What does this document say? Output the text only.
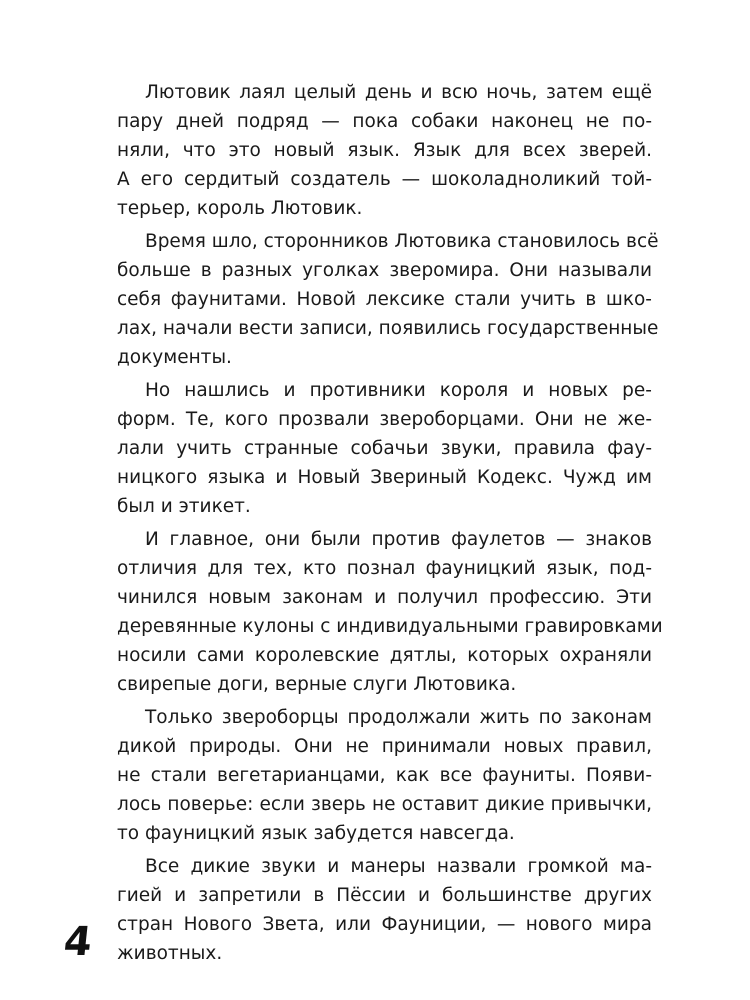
Лютовик лаял целый день и всю ночь, затем ещё
пару дней подряд — пока собаки наконец не по-
няли, что это новый язык. Язык для всех зверей.
А его сердитый создатель — шоколадноликий той-
терьер, король Лютовик.

Время шло, сторонников Лютовика становилось всё
больше в разных уголках зверомира. Они называли
себя фаунитами. Новой лексике стали учить в шко-
лах, начали вести записи, появились государственные
документы.

Но нашлись и противники короля и новых ре-
форм. Те, кого прозвали звероборцами. Они не же-
лали учить странные собачьи звуки, правила фау-
ницкого языка и Новый Звериный Кодекс. Чужд им
был и этикет.

И главное, они были против фаулетов — знаков
отличия для тех, кто познал фауницкий язык, под-
чинился новым законам и получил профессию. Эти
деревянные кулоны с индивидуальными гравировками
носили сами королевские дятлы, которых охраняли
свирепые доги, верные слуги Лютовика.

Только звероборцы продолжали жить по законам
дикой природы. Они не принимали новых правил,
не стали вегетарианцами, как все фауниты. Появи-
лось поверье: если зверь не оставит дикие привычки,
то фауницкий язык забудется навсегда.

Все дикие звуки и манеры назвали громкой ма-
гией и запретили в Пёссии и большинстве других
стран Нового Звета, или Фауниции, — нового мира
животных.

4
